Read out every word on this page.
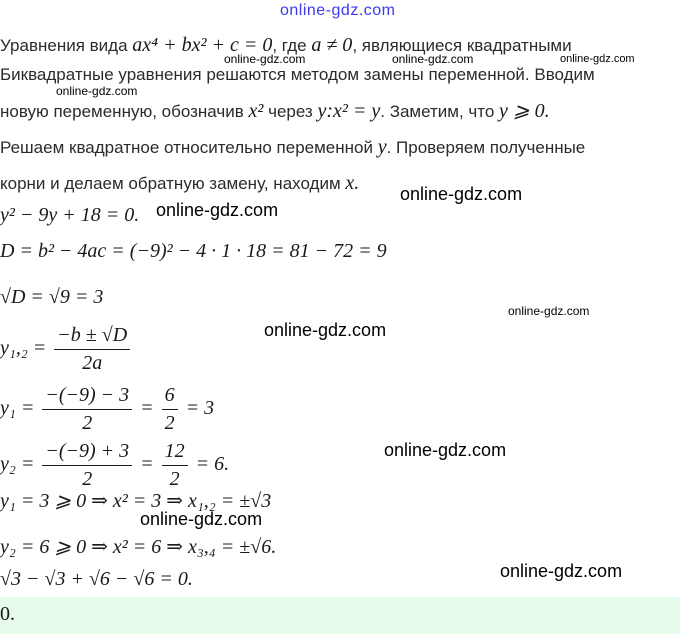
online-gdz.com
Уравнения вида ax⁴ + bx² + c = 0, где a ≠ 0, являющиеся квадратными
online-gdz.com	online-gdz.com	online-gdz.com
Биквадратные уравнения решаются методом замены переменной. Вводим
online-gdz.com
новую переменную, обозначив x² через y:x² = y. Заметим, что y ⩾ 0.
Решаем квадратное относительно переменной y. Проверяем полученные
корни и делаем обратную замену, находим x. online-gdz.com
y² − 9y + 18 = 0. online-gdz.com
D = b² − 4ac = (−9)² − 4 · 1 · 18 = 81 − 72 = 9
√D = √9 = 3
online-gdz.com
online-gdz.com
$y_1,_2 = \frac{-b \pm √D}{2a}$
$y_1 = \frac{-(-9) - 3}{2} = \frac{6}{2} = 3$
$y_2 = \frac{-(-9) + 3}{2} = \frac{12}{2} = 6$.
online-gdz.com
y₁ = 3 ⩾ 0 ⇒ x² = 3 ⇒ x₁,₂ = ±√3
online-gdz.com
y₂ = 6 ⩾ 0 ⇒ x² = 6 ⇒ x₃,₄ = ±√6.
online-gdz.com
√3 − √3 + √6 − √6 = 0.
0.
